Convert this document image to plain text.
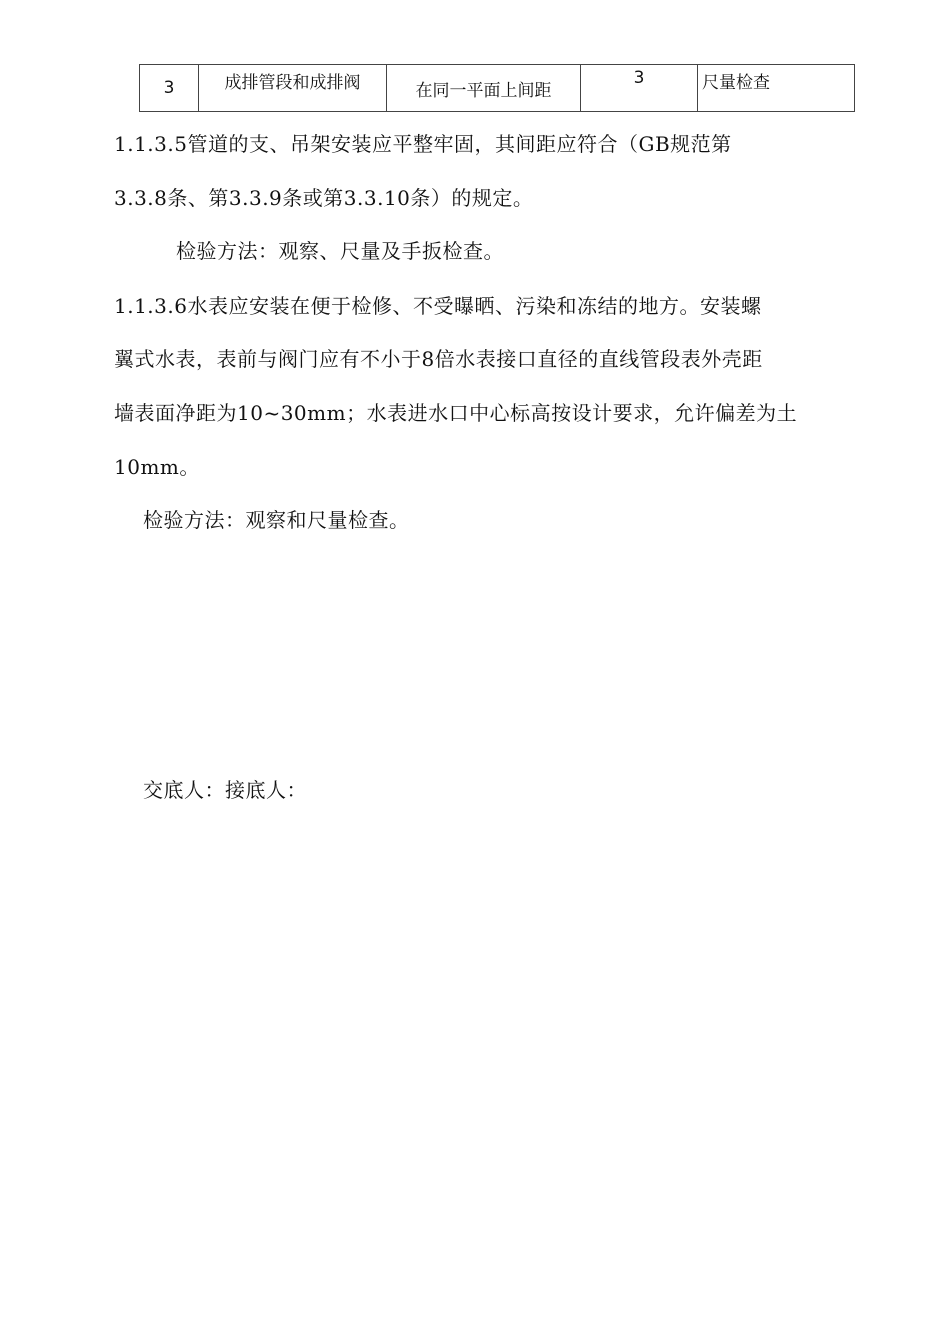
3	成排管段和成排阀	在同一平面上间距	3	尺量检查

1.1.3.5管道的支、吊架安装应平整牢固，其间距应符合（GB规范第

3.3.8条、第3.3.9条或第3.3.10条）的规定。

检验方法：观察、尺量及手扳检查。

1.1.3.6水表应安装在便于检修、不受曝晒、污染和冻结的地方。安装螺

翼式水表，表前与阀门应有不小于8倍水表接口直径的直线管段表外壳距

墙表面净距为10~30mm；水表进水口中心标高按设计要求，允许偏差为土

10mm。

检验方法：观察和尺量检查。

交底人：接底人：
